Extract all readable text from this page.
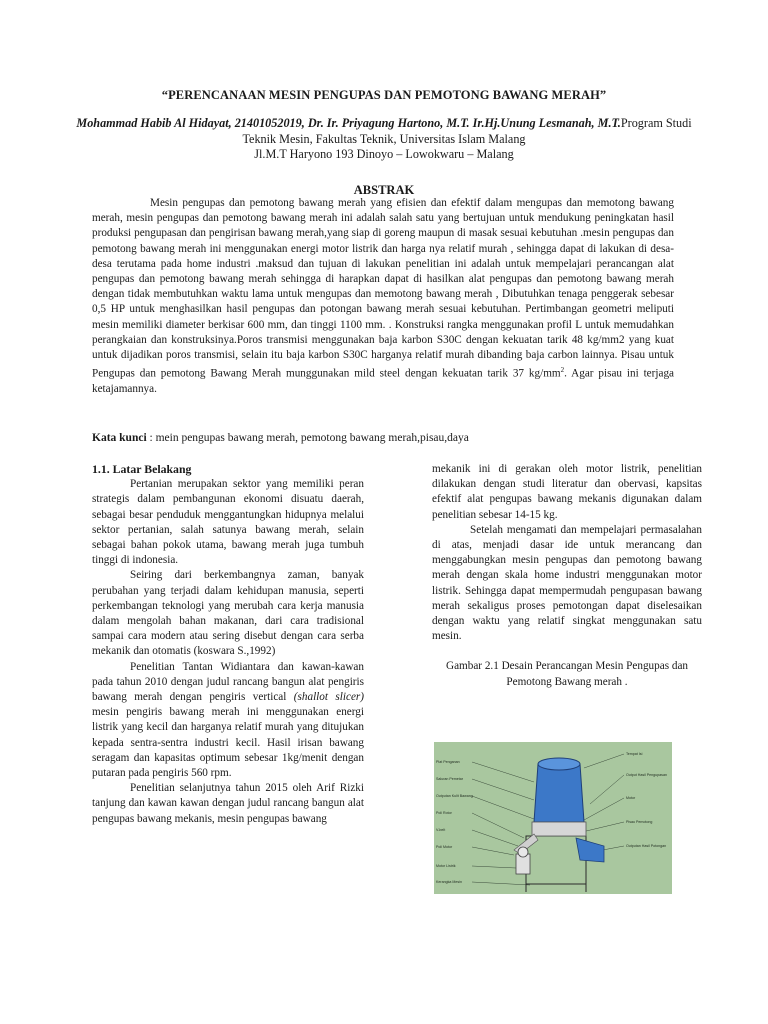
“PERENCANAAN MESIN PENGUPAS DAN PEMOTONG BAWANG MERAH”
Mohammad Habib Al Hidayat, 21401052019, Dr. Ir. Priyagung Hartono, M.T. Ir.Hj.Unung Lesmanah, M.T.Program Studi Teknik Mesin, Fakultas Teknik, Universitas Islam Malang
Jl.M.T Haryono 193 Dinoyo – Lowokwaru – Malang
ABSTRAK

Mesin pengupas dan pemotong bawang merah yang efisien dan efektif dalam mengupas dan memotong bawang merah, mesin pengupas dan pemotong bawang merah ini adalah salah satu yang bertujuan untuk mendukung peningkatan hasil produksi pengupasan dan pengirisan bawang merah,yang siap di goreng maupun di masak sesuai kebutuhan .mesin pengupas dan pemotong bawang merah ini menggunakan energi motor listrik dan harga nya relatif murah , sehingga dapat di lakukan di desa-desa terutama pada home industri .maksud dan tujuan di lakukan penelitian ini adalah untuk mempelajari perancangan alat pengupas dan pemotong bawang merah sehingga di harapkan dapat di hasilkan alat pengupas dan pemotong bawang merah dengan tidak membutuhkan waktu lama untuk mengupas dan memotong bawang merah , Dibutuhkan tenaga penggerak sebesar 0,5 HP untuk menghasilkan hasil pengupas dan potongan bawang merah sesuai kebutuhan. Pertimbangan geometri meliputi mesin memiliki diameter berkisar 600 mm, dan tinggi 1100 mm. . Konstruksi rangka menggunakan profil L untuk memudahkan perangkaian dan konstruksinya.Poros transmisi menggunakan baja karbon S30C dengan kekuatan tarik 48 kg/mm2 yang kuat untuk dijadikan poros transmisi, selain itu baja karbon S30C harganya relatif murah dibanding baja carbon lainnya. Pisau untuk Pengupas dan pemotong Bawang Merah munggunakan mild steel dengan kekuatan tarik 37 $kg/mm^2$. Agar pisau ini terjaga ketajamannya.

Kata kunci : mein pengupas bawang merah, pemotong bawang merah,pisau,daya

1.1. Latar Belakang

Pertanian merupakan sektor yang memiliki peran strategis dalam pembangunan ekonomi disuatu daerah, sebagai besar penduduk menggantungkan hidupnya melalui sektor pertanian, salah satunya bawang merah, selain sebagai bahan pokok utama, bawang merah juga tumbuh tinggi di indonesia.

Seiring dari berkembangnya zaman, banyak perubahan yang terjadi dalam kehidupan manusia, seperti perkembangan teknologi yang merubah cara kerja manusia dalam mengolah bahan makanan, dari cara tradisional sampai cara modern atau sering disebut dengan cara serba mekanik dan otomatis (koswara S.,1992)

Penelitian Tantan Widiantara dan kawan-kawan pada tahun 2010 dengan judul rancang bangun alat pengiris bawang merah dengan pengiris vertical (shallot slicer) mesin pengiris bawang merah ini menggunakan energi listrik yang kecil dan harganya relatif murah yang ditujukan kepada sentra-sentra industri kecil. Hasil irisan bawang seragam dan kapasitas optimum sebesar 1kg/menit dengan putaran pada pengiris 560 rpm.

Penelitian selanjutnya tahun 2015 oleh Arif Rizki tanjung dan kawan kawan dengan judul rancang bangun alat pengupas bawang mekanis, mesin pengupas bawang

mekanik ini di gerakan oleh motor listrik, penelitian dilakukan dengan studi literatur dan obervasi, kapsitas efektif alat pengupas bawang mekanis digunakan dalam penelitian sebesar 14-15 kg.

Setelah mengamati dan mempelajari permasalahan di atas, menjadi dasar ide untuk merancang dan menggabungkan mesin pengupas dan pemotong bawang merah dengan skala home industri menggunakan motor listrik. Sehingga dapat mempermudah pengupasan bawang merah sekaligus proses pemotongan dapat diselesaikan dengan waktu yang relatif singkat menggunakan satu mesin.

Gambar 2.1 Desain Perancangan Mesin Pengupas dan Pemotong Bawang merah .

Plat Penganan
Saluran Pemetar
Outputan Kulit Bawang
Poli Rotor
V-belt
Poli Motor
Motor Listrik
Kerangka Mesin
Tempat Isi
Output Hasil Pengupasan
Motor
Pisau Pemotong
Outputan Hasil Potongan
